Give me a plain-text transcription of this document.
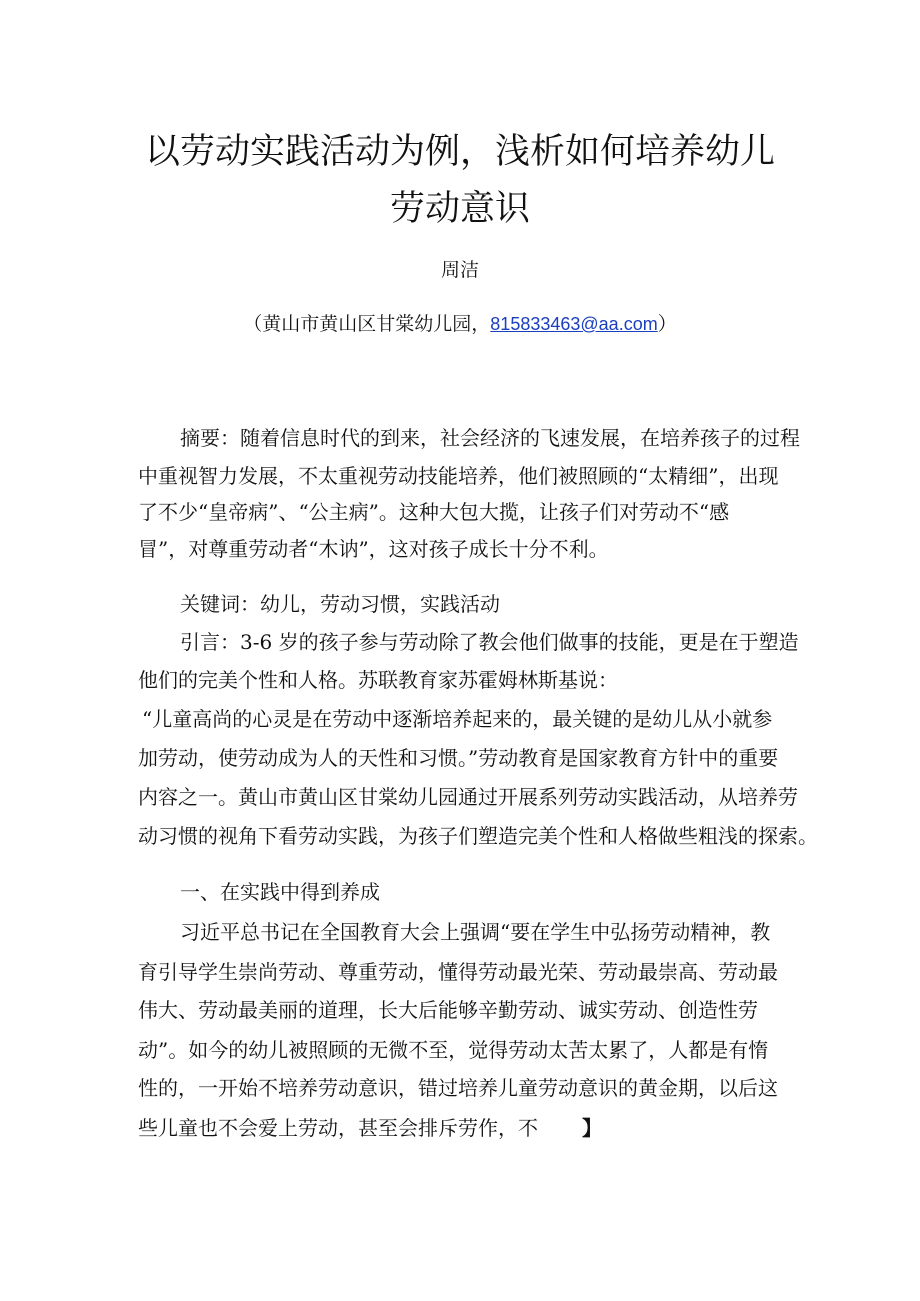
以劳动实践活动为例，浅析如何培养幼儿
劳动意识
周洁
（黄山市黄山区甘棠幼儿园，815833463@aa.com）

摘要：随着信息时代的到来，社会经济的飞速发展，在培养孩子的过程

中重视智力发展，不太重视劳动技能培养，他们被照顾的“太精细”，出现

了不少“皇帝病”、“公主病”。这种大包大揽，让孩子们对劳动不“感

冒”，对尊重劳动者“木讷”，这对孩子成长十分不利。

关键词：幼儿，劳动习惯，实践活动

引言：3-6 岁的孩子参与劳动除了教会他们做事的技能，更是在于塑造

他们的完美个性和人格。苏联教育家苏霍姆林斯基说：

“儿童高尚的心灵是在劳动中逐渐培养起来的，最关键的是幼儿从小就参

加劳动，使劳动成为人的天性和习惯。”劳动教育是国家教育方针中的重要

内容之一。黄山市黄山区甘棠幼儿园通过开展系列劳动实践活动，从培养劳

动习惯的视角下看劳动实践，为孩子们塑造完美个性和人格做些粗浅的探索。

一、在实践中得到养成

习近平总书记在全国教育大会上强调“要在学生中弘扬劳动精神，教

育引导学生崇尚劳动、尊重劳动，懂得劳动最光荣、劳动最崇高、劳动最

伟大、劳动最美丽的道理，长大后能够辛勤劳动、诚实劳动、创造性劳

动”。如今的幼儿被照顾的无微不至，觉得劳动太苦太累了，人都是有惰

性的，一开始不培养劳动意识，错过培养儿童劳动意识的黄金期，以后这

些儿童也不会爱上劳动，甚至会排斥劳作，不 】
